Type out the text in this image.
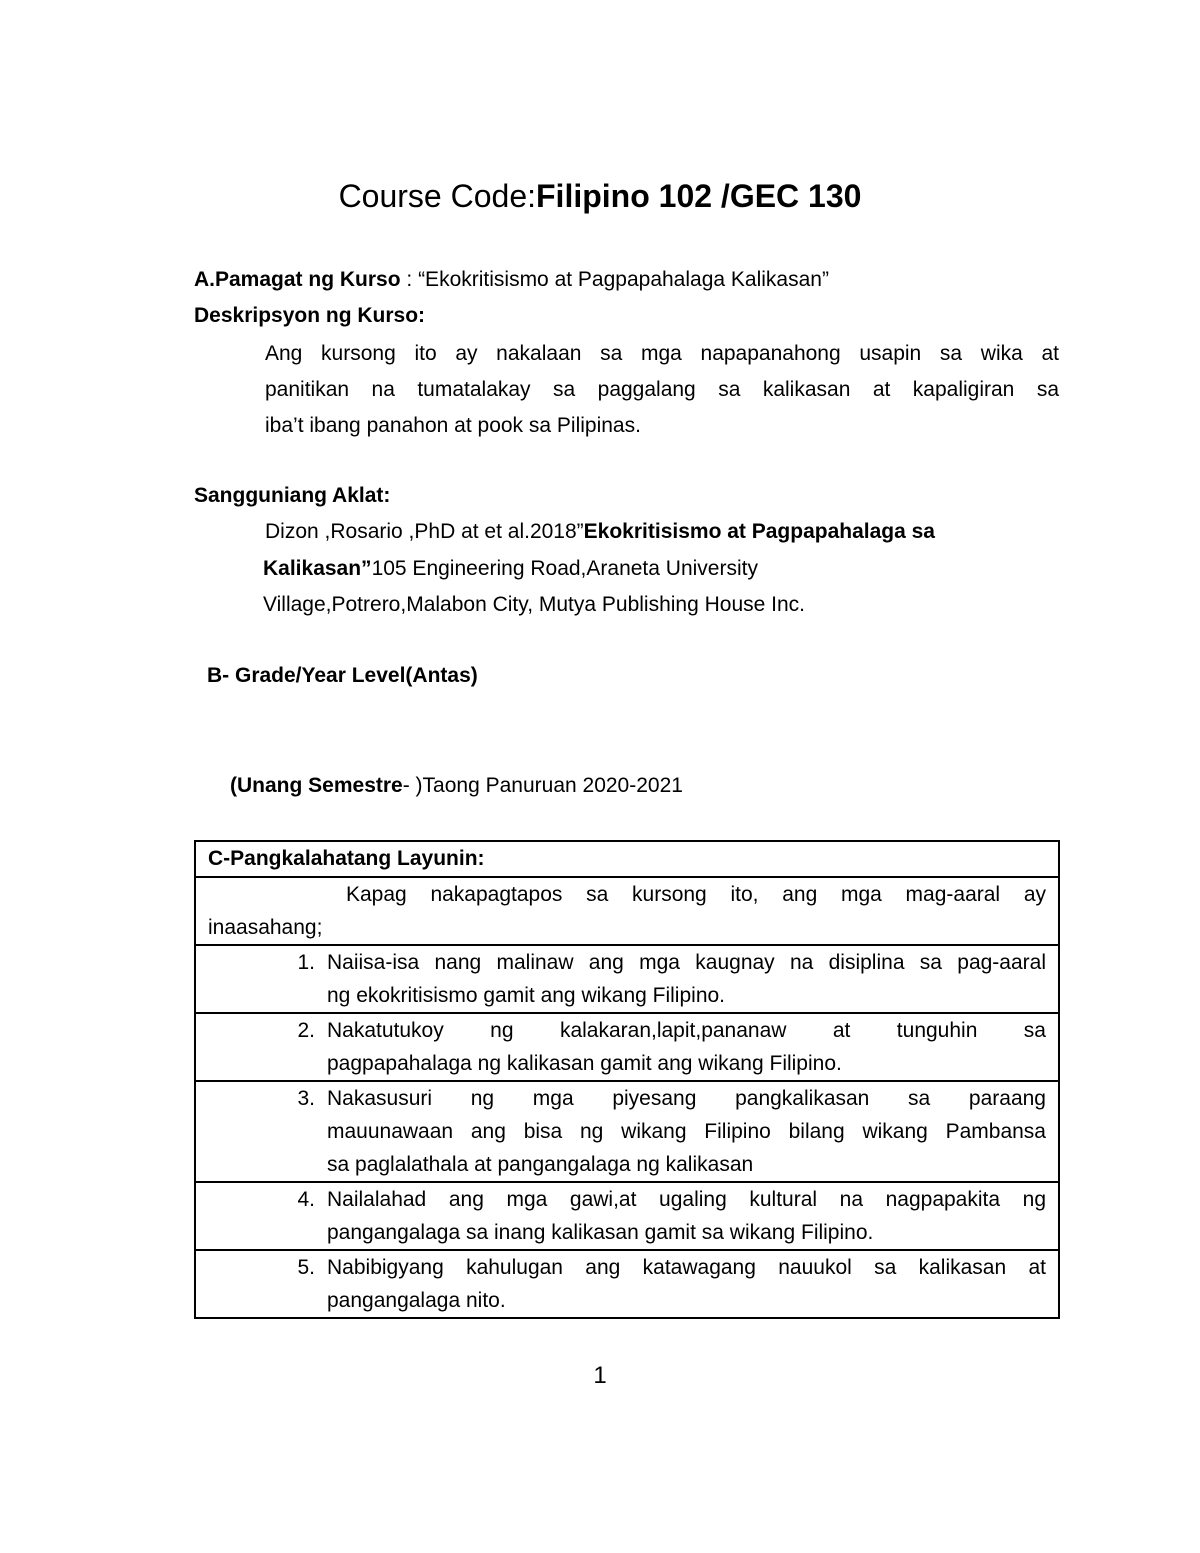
Course Code:Filipino 102 /GEC 130
A.Pamagat ng Kurso : “Ekokritisismo at Pagpapahalaga Kalikasan”
Deskripsyon ng Kurso:
Ang kursong ito ay nakalaan sa mga napapanahong usapin sa wika at
panitikan na tumatalakay sa paggalang sa kalikasan at kapaligiran sa
iba’t ibang panahon at pook sa Pilipinas.
Sangguniang Aklat:
Dizon ,Rosario ,PhD at et al.2018”Ekokritisismo at Pagpapahalaga sa
Kalikasan”105 Engineering Road,Araneta University
Village,Potrero,Malabon City, Mutya Publishing House Inc.
B- Grade/Year Level(Antas)
(Unang Semestre- )Taong Panuruan 2020-2021
C-Pangkalahatang Layunin:

Kapag nakapagtapos sa kursong ito, ang mga mag-aaral ay
inaasahang;

1. Naiisa-isa nang malinaw ang mga kaugnay na disiplina sa pag-aaral
ng ekokritisismo gamit ang wikang Filipino.

2. Nakatutukoy ng kalakaran,lapit,pananaw at tunguhin sa
pagpapahalaga ng kalikasan gamit ang wikang Filipino.

3. Nakasusuri ng mga piyesang pangkalikasan sa paraang
mauunawaan ang bisa ng wikang Filipino bilang wikang Pambansa
sa paglalathala at pangangalaga ng kalikasan

4. Nailalahad ang mga gawi,at ugaling kultural na nagpapakita ng
pangangalaga sa inang kalikasan gamit sa wikang Filipino.

5. Nabibigyang kahulugan ang katawagang nauukol sa kalikasan at
pangangalaga nito.
1
